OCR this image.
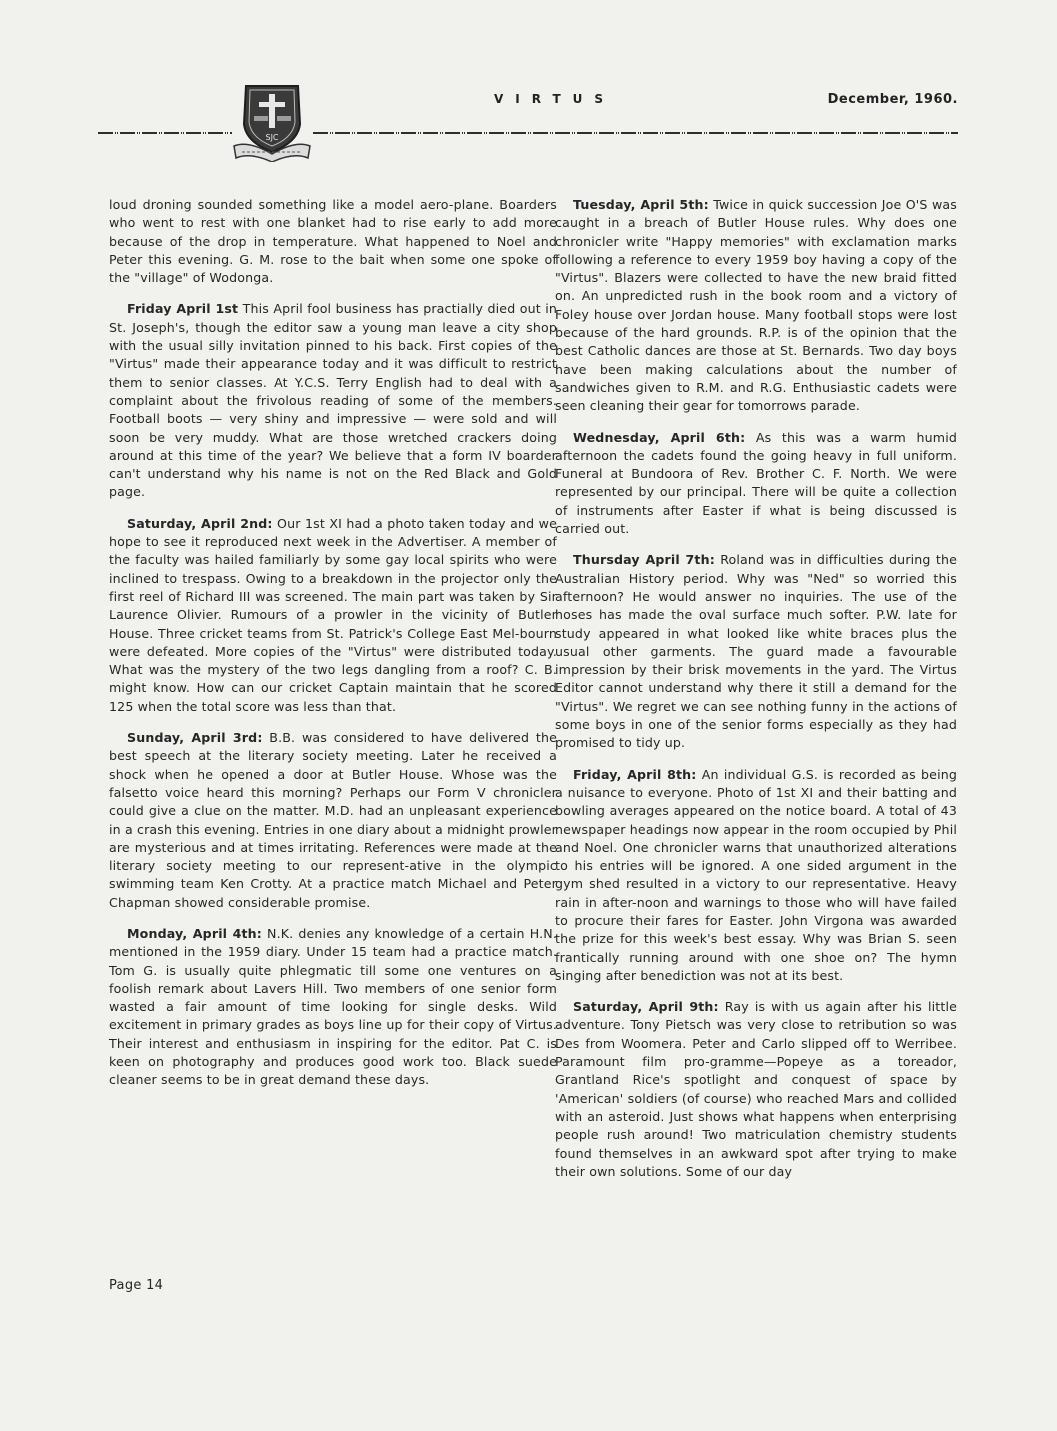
SJC
VIRTUS	December, 1960.

loud droning sounded something like a model aero-plane. Boarders who went to rest with one blanket had to rise early to add more because of the drop in temperature. What happened to Noel and Peter this evening. G. M. rose to the bait when some one spoke of the "village" of Wodonga.

Friday April 1st This April fool business has practially died out in St. Joseph's, though the editor saw a young man leave a city shop with the usual silly invitation pinned to his back. First copies of the "Virtus" made their appearance today and it was difficult to restrict them to senior classes. At Y.C.S. Terry English had to deal with a complaint about the frivolous reading of some of the members. Football boots — very shiny and impressive — were sold and will soon be very muddy. What are those wretched crackers doing around at this time of the year? We believe that a form IV boarder can't understand why his name is not on the Red Black and Gold page.

Saturday, April 2nd: Our 1st XI had a photo taken today and we hope to see it reproduced next week in the Advertiser. A member of the faculty was hailed familiarly by some gay local spirits who were inclined to trespass. Owing to a breakdown in the projector only the first reel of Richard III was screened. The main part was taken by Sir Laurence Olivier. Rumours of a prowler in the vicinity of Butler House. Three cricket teams from St. Patrick's College East Mel-bourn were defeated. More copies of the "Virtus" were distributed today. What was the mystery of the two legs dangling from a roof? C. B. might know. How can our cricket Captain maintain that he scored 125 when the total score was less than that.

Sunday, April 3rd: B.B. was considered to have delivered the best speech at the literary society meeting. Later he received a shock when he opened a door at Butler House. Whose was the falsetto voice heard this morning? Perhaps our Form V chronicler could give a clue on the matter. M.D. had an unpleasant experience in a crash this evening. Entries in one diary about a midnight prowler are mysterious and at times irritating. References were made at the literary society meeting to our represent-ative in the olympic swimming team Ken Crotty. At a practice match Michael and Peter Chapman showed considerable promise.

Monday, April 4th: N.K. denies any knowledge of a certain H.N. mentioned in the 1959 diary. Under 15 team had a practice match. Tom G. is usually quite phlegmatic till some one ventures on a foolish remark about Lavers Hill. Two members of one senior form wasted a fair amount of time looking for single desks. Wild excitement in primary grades as boys line up for their copy of Virtus. Their interest and enthusiasm in inspiring for the editor. Pat C. is keen on photography and produces good work too. Black suede cleaner seems to be in great demand these days.

Tuesday, April 5th: Twice in quick succession Joe O'S was caught in a breach of Butler House rules. Why does one chronicler write "Happy memories" with exclamation marks following a reference to every 1959 boy having a copy of the "Virtus". Blazers were collected to have the new braid fitted on. An unpredicted rush in the book room and a victory of Foley house over Jordan house. Many football stops were lost because of the hard grounds. R.P. is of the opinion that the best Catholic dances are those at St. Bernards. Two day boys have been making calculations about the number of sandwiches given to R.M. and R.G. Enthusiastic cadets were seen cleaning their gear for tomorrows parade.

Wednesday, April 6th: As this was a warm humid afternoon the cadets found the going heavy in full uniform. Funeral at Bundoora of Rev. Brother C. F. North. We were represented by our principal. There will be quite a collection of instruments after Easter if what is being discussed is carried out.

Thursday April 7th: Roland was in difficulties during the Australian History period. Why was "Ned" so worried this afternoon? He would answer no inquiries. The use of the hoses has made the oval surface much softer. P.W. late for study appeared in what looked like white braces plus the usual other garments. The guard made a favourable impression by their brisk movements in the yard. The Virtus Editor cannot understand why there it still a demand for the "Virtus". We regret we can see nothing funny in the actions of some boys in one of the senior forms especially as they had promised to tidy up.

Friday, April 8th: An individual G.S. is recorded as being a nuisance to everyone. Photo of 1st XI and their batting and bowling averages appeared on the notice board. A total of 43 newspaper headings now appear in the room occupied by Phil and Noel. One chronicler warns that unauthorized alterations to his entries will be ignored. A one sided argument in the gym shed resulted in a victory to our representative. Heavy rain in after-noon and warnings to those who will have failed to procure their fares for Easter. John Virgona was awarded the prize for this week's best essay. Why was Brian S. seen frantically running around with one shoe on? The hymn singing after benediction was not at its best.

Saturday, April 9th: Ray is with us again after his little adventure. Tony Pietsch was very close to retribution so was Des from Woomera. Peter and Carlo slipped off to Werribee. Paramount film pro-gramme—Popeye as a toreador, Grantland Rice's spotlight and conquest of space by 'American' soldiers (of course) who reached Mars and collided with an asteroid. Just shows what happens when enterprising people rush around! Two matriculation chemistry students found themselves in an awkward spot after trying to make their own solutions. Some of our day

Page 14
